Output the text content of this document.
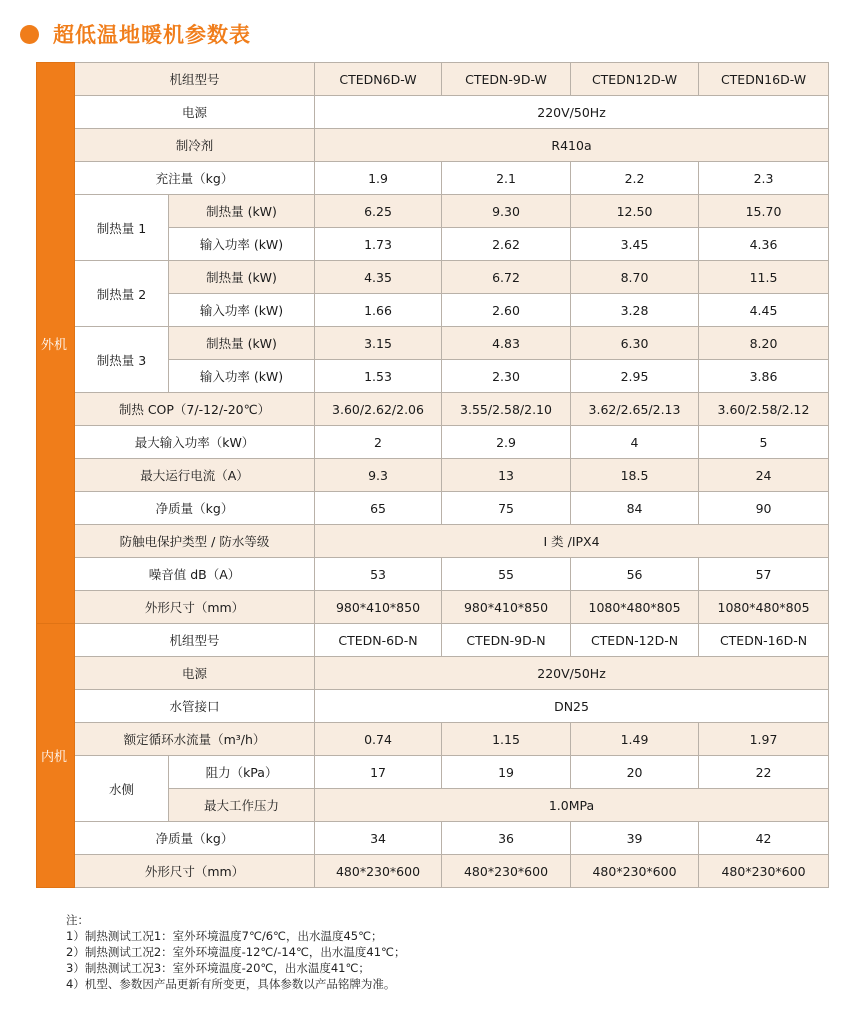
超低温地暖机参数表
外机	机组型号		CTEDN6D-W	CTEDN-9D-W	CTEDN12D-W	CTEDN16D-W
	电源		220V/50Hz			
	制冷剂		R410a			
	充注量（kg）		1.9	2.1	2.2	2.3
	制热量 1	制热量 (kW)	6.25	9.30	12.50	15.70
		输入功率 (kW)	1.73	2.62	3.45	4.36
	制热量 2	制热量 (kW)	4.35	6.72	8.70	11.5
		输入功率 (kW)	1.66	2.60	3.28	4.45
	制热量 3	制热量 (kW)	3.15	4.83	6.30	8.20
		输入功率 (kW)	1.53	2.30	2.95	3.86
	制热 COP（7/-12/-20℃）		3.60/2.62/2.06	3.55/2.58/2.10	3.62/2.65/2.13	3.60/2.58/2.12
	最大输入功率（kW）		2	2.9	4	5
	最大运行电流（A）		9.3	13	18.5	24
	净质量（kg）		65	75	84	90
	防触电保护类型 / 防水等级		I 类 /IPX4			
	噪音值 dB（A）		53	55	56	57
	外形尺寸（mm）		980*410*850	980*410*850	1080*480*805	1080*480*805
内机	机组型号		CTEDN-6D-N	CTEDN-9D-N	CTEDN-12D-N	CTEDN-16D-N
	电源		220V/50Hz			
	水管接口		DN25			
	额定循环水流量（m³/h）		0.74	1.15	1.49	1.97
	水侧	阻力（kPa）	17	19	20	22
		最大工作压力	1.0MPa			
	净质量（kg）		34	36	39	42
	外形尺寸（mm）		480*230*600	480*230*600	480*230*600	480*230*600
注：
1）制热测试工况1：室外环境温度7℃/6℃，出水温度45℃；
2）制热测试工况2：室外环境温度-12℃/-14℃，出水温度41℃；
3）制热测试工况3：室外环境温度-20℃，出水温度41℃；
4）机型、参数因产品更新有所变更，具体参数以产品铭牌为准。
